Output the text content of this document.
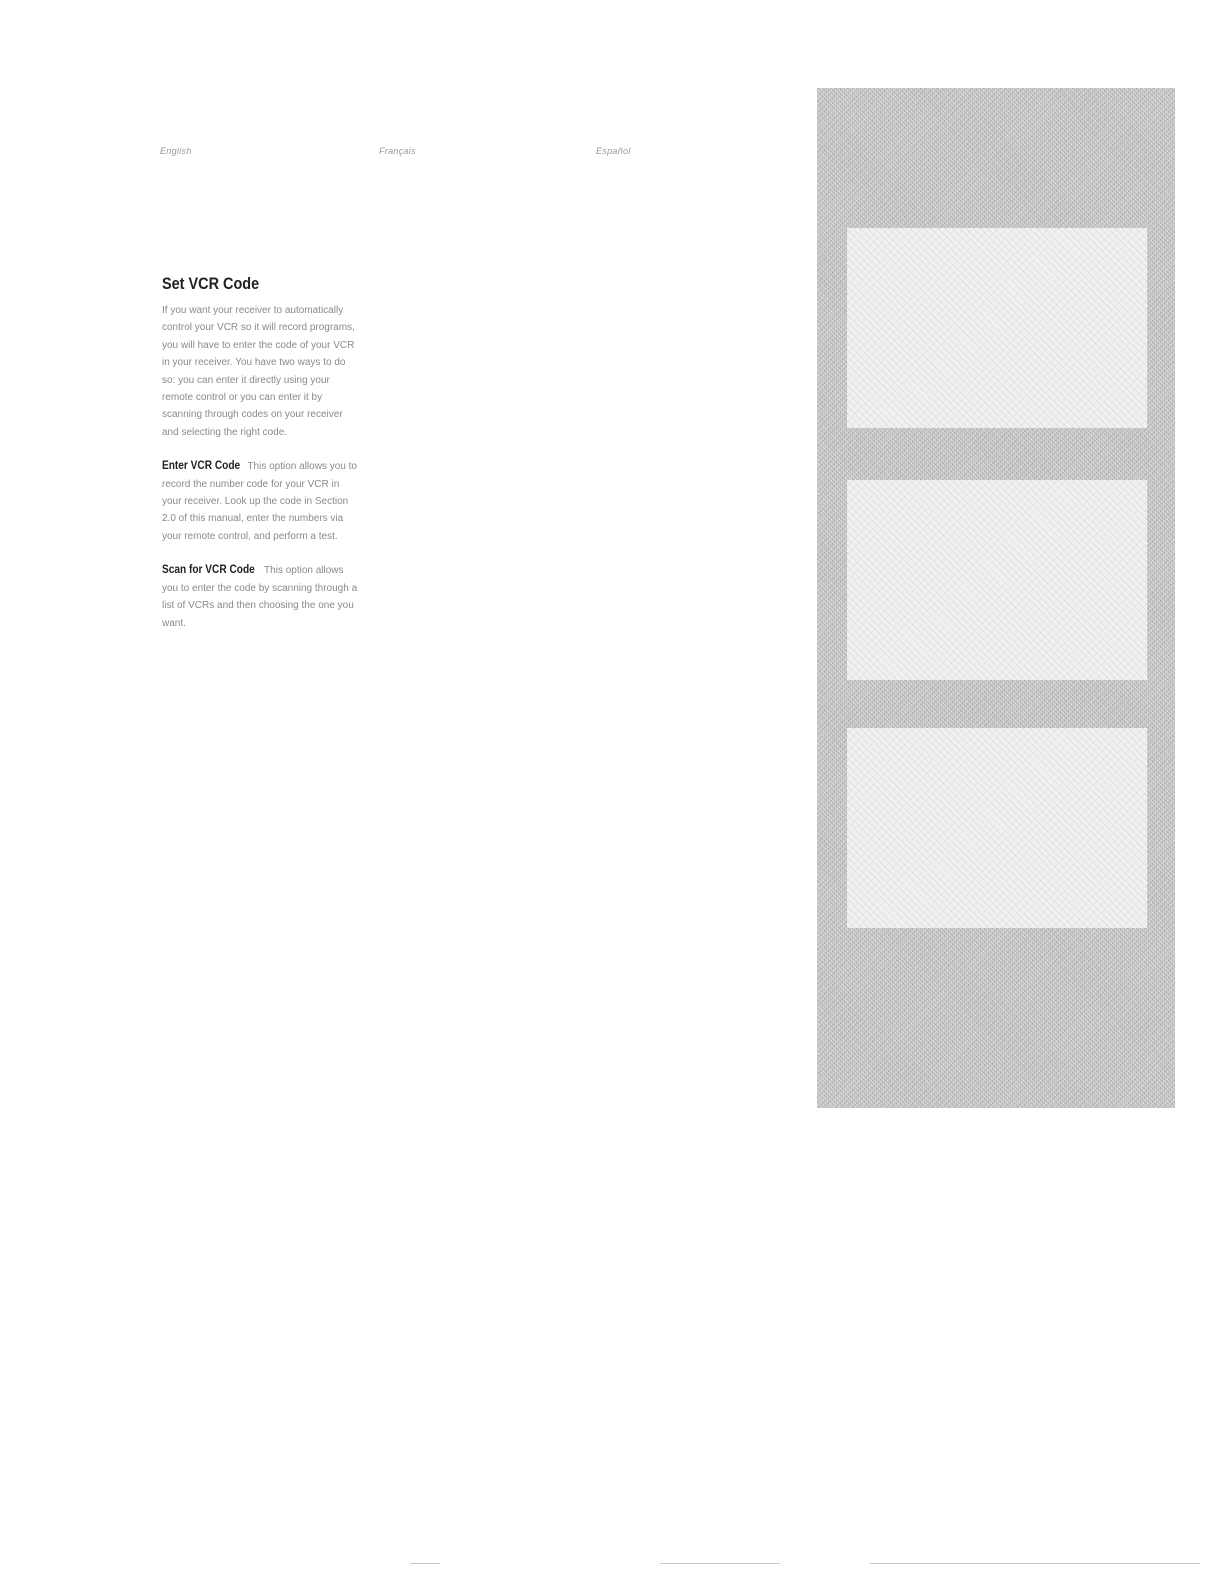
English	Français	Español
Set VCR Code

If you want your receiver to automatically control your VCR so it will record programs, you will have to enter the code of your VCR in your receiver. You have two ways to do so: you can enter it directly using your remote control or you can enter it by scanning through codes on your receiver and selecting the right code.

Enter VCR Code This option allows you to record the number code for your VCR in your receiver. Look up the code in Section 2.0 of this manual, enter the numbers via your remote control, and perform a test.

Scan for VCR Code This option allows you to enter the code by scanning through a list of VCRs and then choosing the one you want.
